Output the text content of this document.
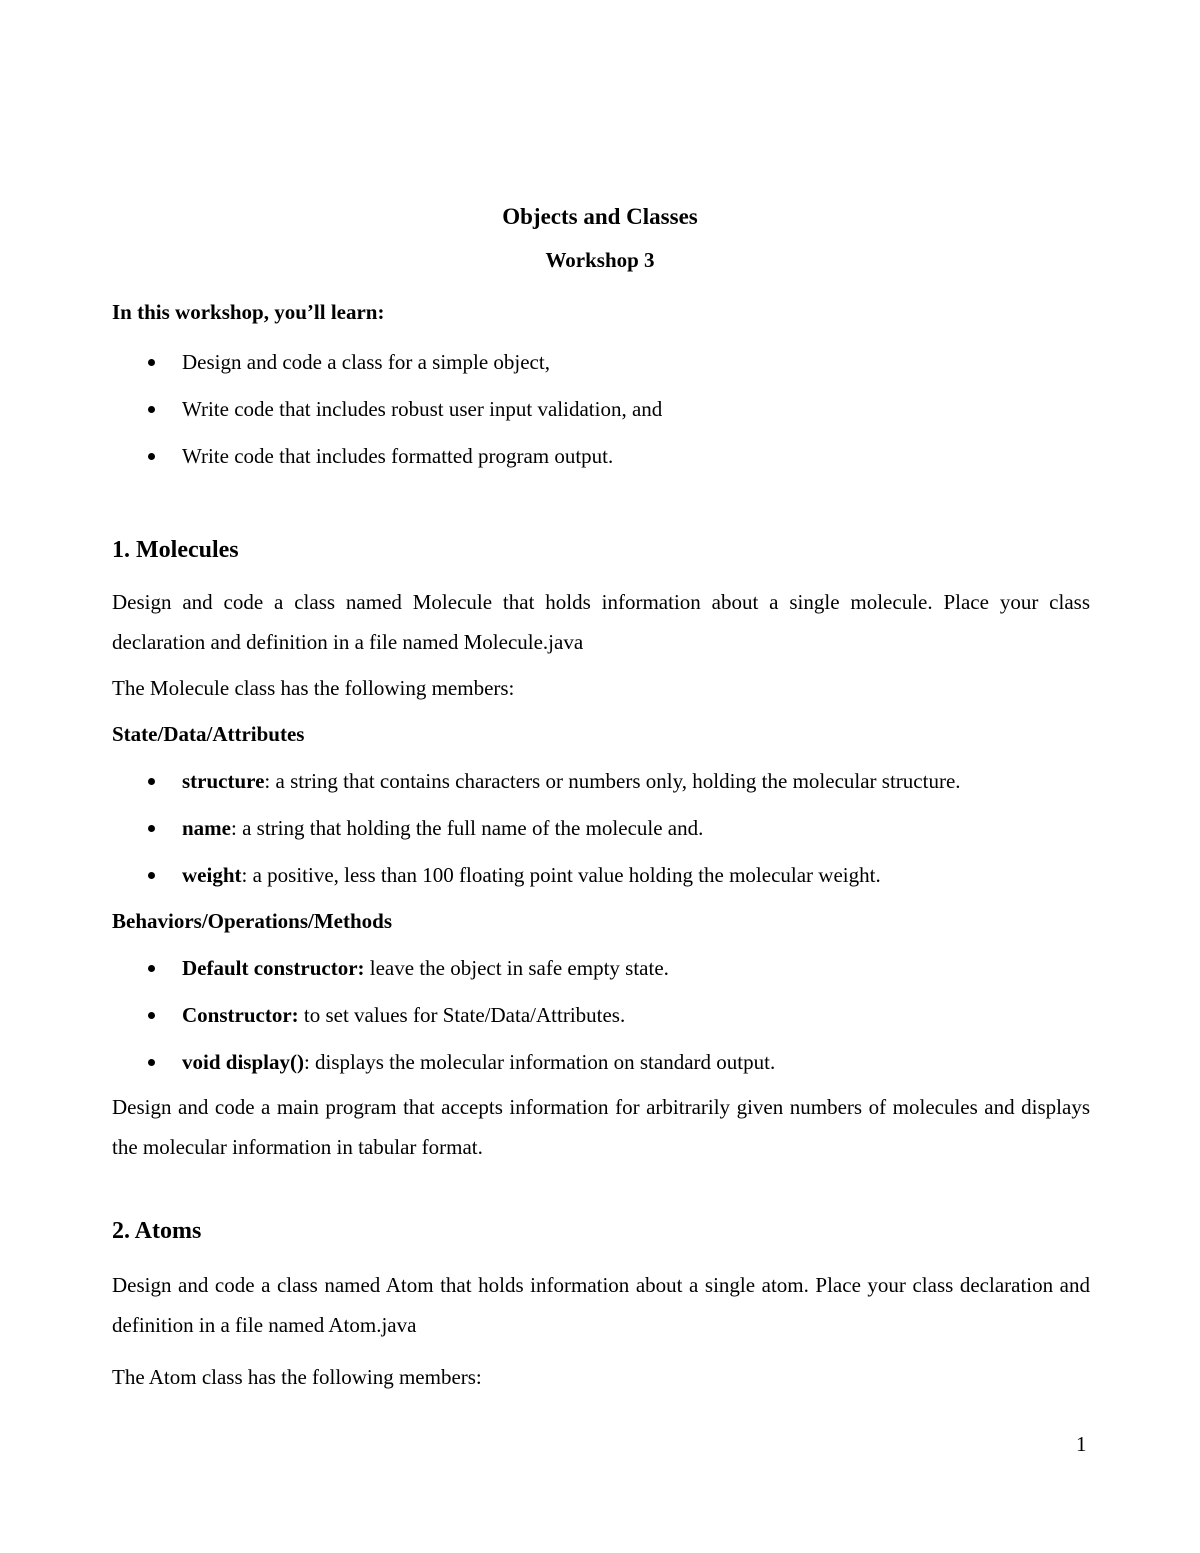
Objects and Classes
Workshop 3
In this workshop, you’ll learn:
Design and code a class for a simple object,
Write code that includes robust user input validation, and
Write code that includes formatted program output.
1. Molecules
Design and code a class named Molecule that holds information about a single molecule. Place your class declaration and definition in a file named Molecule.java
The Molecule class has the following members:
State/Data/Attributes
structure: a string that contains characters or numbers only, holding the molecular structure.
name: a string that holding the full name of the molecule and.
weight: a positive, less than 100 floating point value holding the molecular weight.
Behaviors/Operations/Methods
Default constructor: leave the object in safe empty state.
Constructor: to set values for State/Data/Attributes.
void display(): displays the molecular information on standard output.
Design and code a main program that accepts information for arbitrarily given numbers of molecules and displays the molecular information in tabular format.
2. Atoms
Design and code a class named Atom that holds information about a single atom. Place your class declaration and definition in a file named Atom.java
The Atom class has the following members:
1
